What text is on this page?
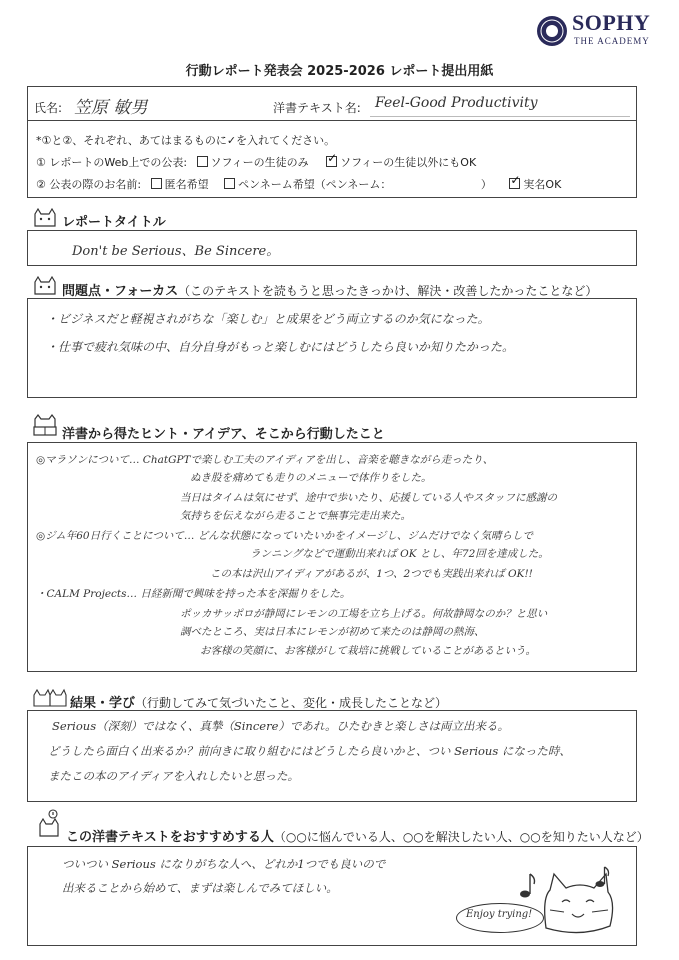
SOPHY
THE ACADEMY
行動レポート発表会 2025-2026 レポート提出用紙
氏名: 笠原 敏男	洋書テキスト名: Feel-Good Productivity
*①と②、それぞれ、あてはまるものに✓を入れてください。
① レポートのWeb上での公表: ソフィーの生徒のみ ✓	ソフィーの生徒以外にもOK
② 公表の際のお名前: 匿名希望	ペンネーム希望（ペンネーム：	） ✓	実名OK
レポートタイトル
Don't be Serious、Be Sincere。
問題点・フォーカス（このテキストを読もうと思ったきっかけ、解決・改善したかったことなど）
・ビジネスだと軽視されがちな「楽しむ」と成果をどう両立するのか気になった。
・仕事で疲れ気味の中、自分自身がもっと楽しむにはどうしたら良いか知りたかった。
洋書から得たヒント・アイデア、そこから行動したこと
◎マラソンについて… ChatGPTで楽しむ工夫のアイディアを出し、音楽を聴きながら走ったり、
ぬき股を痛めても走りのメニューで体作りをした。
当日はタイムは気にせず、途中で歩いたり、応援している人やスタッフに感謝の
気持ちを伝えながら走ることで無事完走出来た。
◎ジム年60日行くことについて… どんな状態になっていたいかをイメージし、ジムだけでなく気晴らしで
ランニングなどで運動出来れば OK とし、年72回を達成した。
この本は沢山アイディアがあるが、1つ、2つでも実践出来れば OK!!
・CALM Projects… 日経新聞で興味を持った本を深掘りをした。
ポッカサッポロが静岡にレモンの工場を立ち上げる。何故静岡なのか？と思い
調べたところ、実は日本にレモンが初めて来たのは静岡の熱海、
お客様の笑顔に、お客様がして栽培に挑戦していることがあるという。
結果・学び（行動してみて気づいたこと、変化・成長したことなど）
Serious（深刻）ではなく、真摯（Sincere）であれ。ひたむきと楽しさは両立出来る。
どうしたら面白く出来るか？前向きに取り組むにはどうしたら良いかと、つい Serious になった時、
またこの本のアイディアを入れしたいと思った。
この洋書テキストをおすすめする人（○○に悩んでいる人、○○を解決したい人、○○を知りたい人など）
ついつい Serious になりがちな人へ、どれか1つでも良いので
出来ることから始めて、まずは楽しんでみてほしい。
Enjoy trying!
